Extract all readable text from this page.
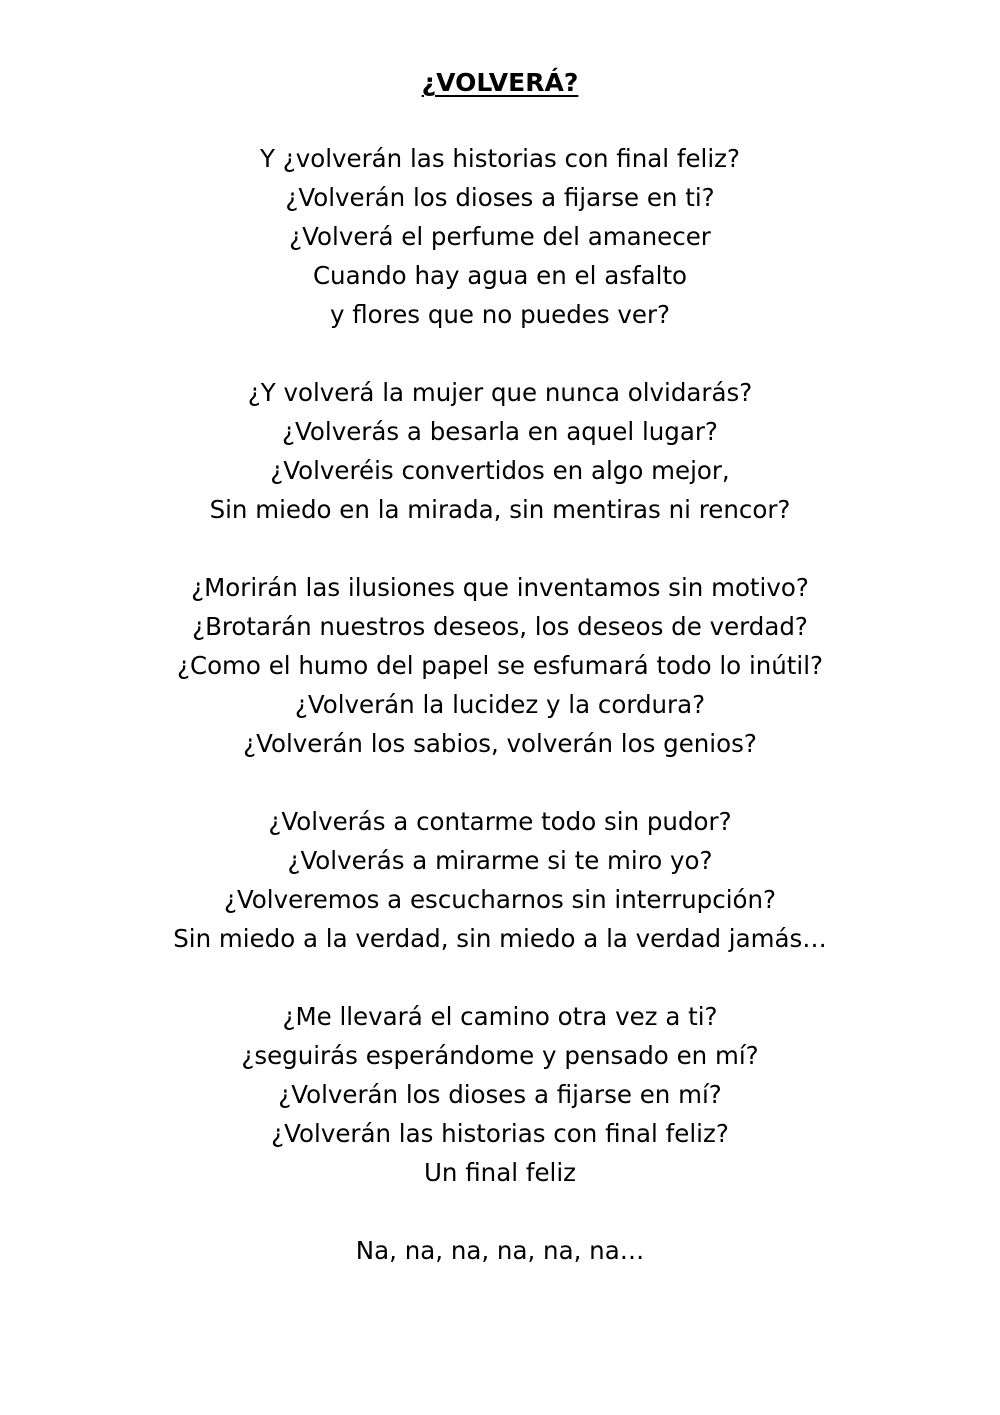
¿VOLVERÁ?
Y ¿volverán las historias con final feliz?
¿Volverán los dioses a fijarse en ti?
¿Volverá el perfume del amanecer
Cuando hay agua en el asfalto
y flores que no puedes ver?
¿Y volverá la mujer que nunca olvidarás?
¿Volverás a besarla en aquel lugar?
¿Volveréis convertidos en algo mejor,
Sin miedo en la mirada, sin mentiras ni rencor?
¿Morirán las ilusiones que inventamos sin motivo?
¿Brotarán nuestros deseos, los deseos de verdad?
¿Como el humo del papel se esfumará todo lo inútil?
¿Volverán la lucidez y la cordura?
¿Volverán los sabios, volverán los genios?
¿Volverás a contarme todo sin pudor?
¿Volverás a mirarme si te miro yo?
¿Volveremos a escucharnos sin interrupción?
Sin miedo a la verdad, sin miedo a la verdad jamás…
¿Me llevará el camino otra vez a ti?
¿seguirás esperándome y pensado en mí?
¿Volverán los dioses a fijarse en mí?
¿Volverán las historias con final feliz?
Un final feliz
Na, na, na, na, na, na…
